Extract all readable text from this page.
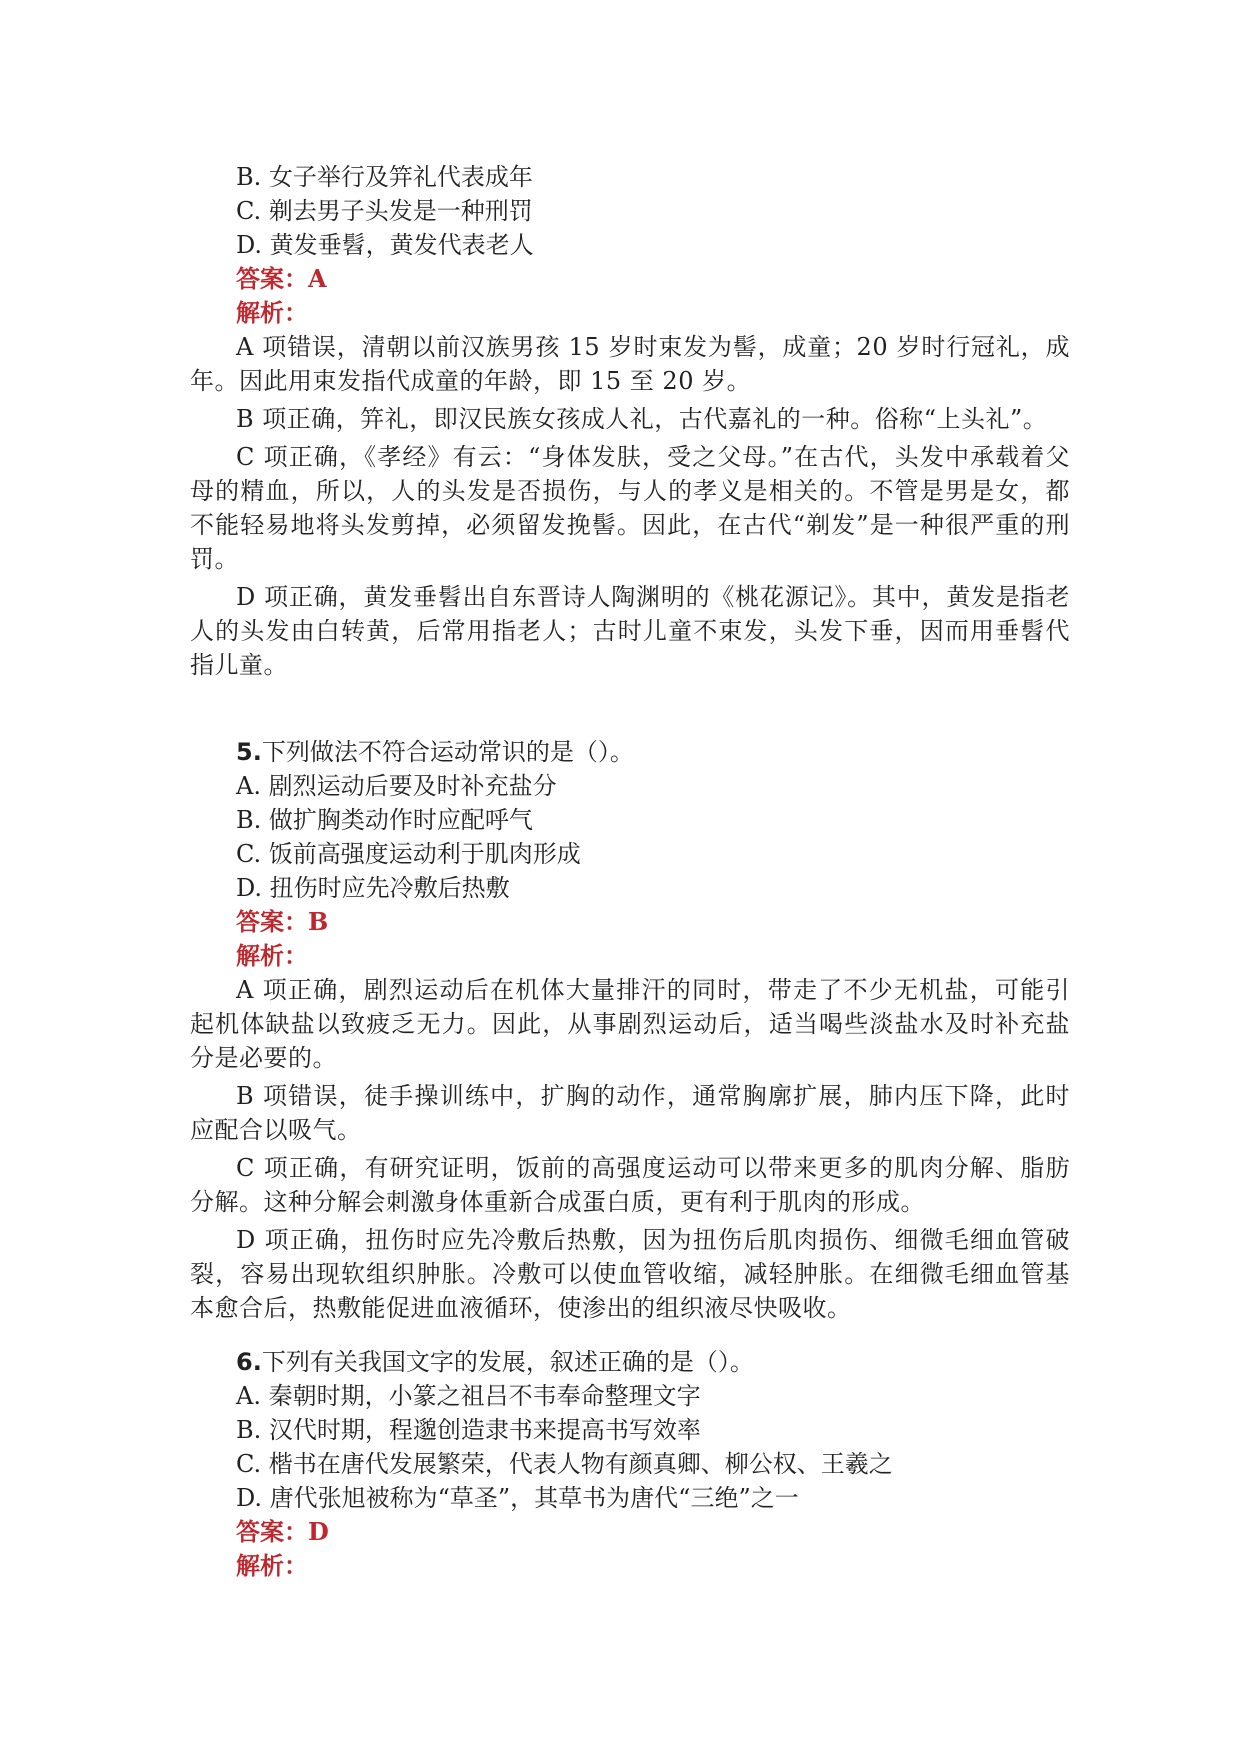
B. 女子举行及笄礼代表成年
C. 剃去男子头发是一种刑罚
D. 黄发垂髫，黄发代表老人
答案：A
解析：

A 项错误，清朝以前汉族男孩 15 岁时束发为髻，成童；20 岁时行冠礼，成年。因此用束发指代成童的年龄，即 15 至 20 岁。

B 项正确，笄礼，即汉民族女孩成人礼，古代嘉礼的一种。俗称“上头礼”。

C 项正确，《孝经》有云：“身体发肤，受之父母。”在古代，头发中承载着父母的精血，所以，人的头发是否损伤，与人的孝义是相关的。不管是男是女，都不能轻易地将头发剪掉，必须留发挽髻。因此，在古代“剃发”是一种很严重的刑罚。

D 项正确，黄发垂髫出自东晋诗人陶渊明的《桃花源记》。其中，黄发是指老人的头发由白转黄，后常用指老人；古时儿童不束发，头发下垂，因而用垂髫代指儿童。

5.下列做法不符合运动常识的是（）。
A. 剧烈运动后要及时补充盐分
B. 做扩胸类动作时应配呼气
C. 饭前高强度运动利于肌肉形成
D. 扭伤时应先冷敷后热敷
答案：B
解析：

A 项正确，剧烈运动后在机体大量排汗的同时，带走了不少无机盐，可能引起机体缺盐以致疲乏无力。因此，从事剧烈运动后，适当喝些淡盐水及时补充盐分是必要的。

B 项错误，徒手操训练中，扩胸的动作，通常胸廓扩展，肺内压下降，此时应配合以吸气。

C 项正确，有研究证明，饭前的高强度运动可以带来更多的肌肉分解、脂肪分解。这种分解会刺激身体重新合成蛋白质，更有利于肌肉的形成。

D 项正确，扭伤时应先冷敷后热敷，因为扭伤后肌肉损伤、细微毛细血管破裂，容易出现软组织肿胀。冷敷可以使血管收缩，减轻肿胀。在细微毛细血管基本愈合后，热敷能促进血液循环，使渗出的组织液尽快吸收。

6.下列有关我国文字的发展，叙述正确的是（）。
A. 秦朝时期，小篆之祖吕不韦奉命整理文字
B. 汉代时期，程邈创造隶书来提高书写效率
C. 楷书在唐代发展繁荣，代表人物有颜真卿、柳公权、王羲之
D. 唐代张旭被称为“草圣”，其草书为唐代“三绝”之一
答案：D
解析：
